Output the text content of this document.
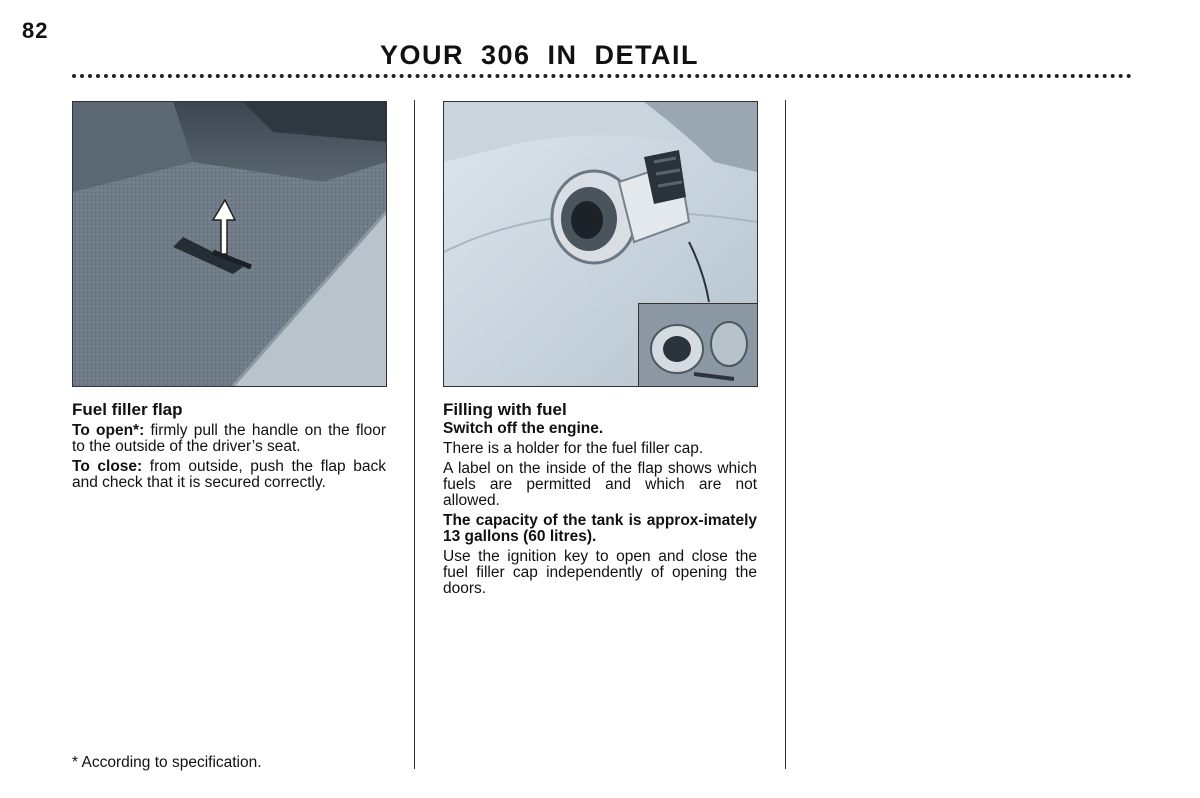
82
YOUR 306 IN DETAIL
Fuel filler flap

To open*: firmly pull the handle on the floor to the outside of the driver’s seat.

To close: from outside, push the flap back and check that it is secured correctly.

Filling with fuel

Switch off the engine.

There is a holder for the fuel filler cap.

A label on the inside of the flap shows which fuels are permitted and which are not allowed.

The capacity of the tank is approx-imately 13 gallons (60 litres).

Use the ignition key to open and close the fuel filler cap independently of opening the doors.

* According to specification.
